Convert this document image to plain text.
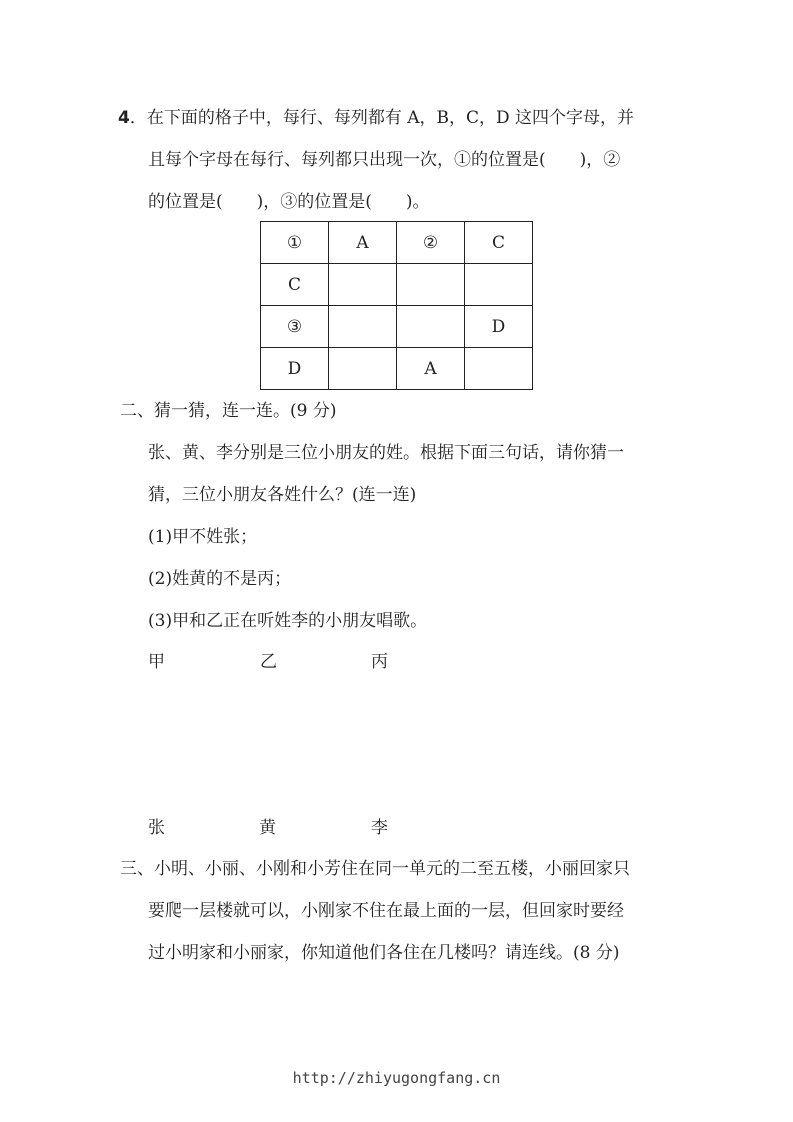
4．在下面的格子中，每行、每列都有 A，B，C，D 这四个字母，并
且每个字母在每行、每列都只出现一次，①的位置是(　　)，②
的位置是(　　)，③的位置是(　　)。
①	A	②	C
C			
③			D
D		A	
二、猜一猜，连一连。(9 分)
张、黄、李分别是三位小朋友的姓。根据下面三句话，请你猜一
猜，三位小朋友各姓什么？(连一连)
(1)甲不姓张；
(2)姓黄的不是丙；
(3)甲和乙正在听姓李的小朋友唱歌。
甲	乙	丙
张	黄	李
三、小明、小丽、小刚和小芳住在同一单元的二至五楼，小丽回家只
要爬一层楼就可以，小刚家不住在最上面的一层，但回家时要经
过小明家和小丽家，你知道他们各住在几楼吗？请连线。(8 分)
http://zhiyugongfang.cn
